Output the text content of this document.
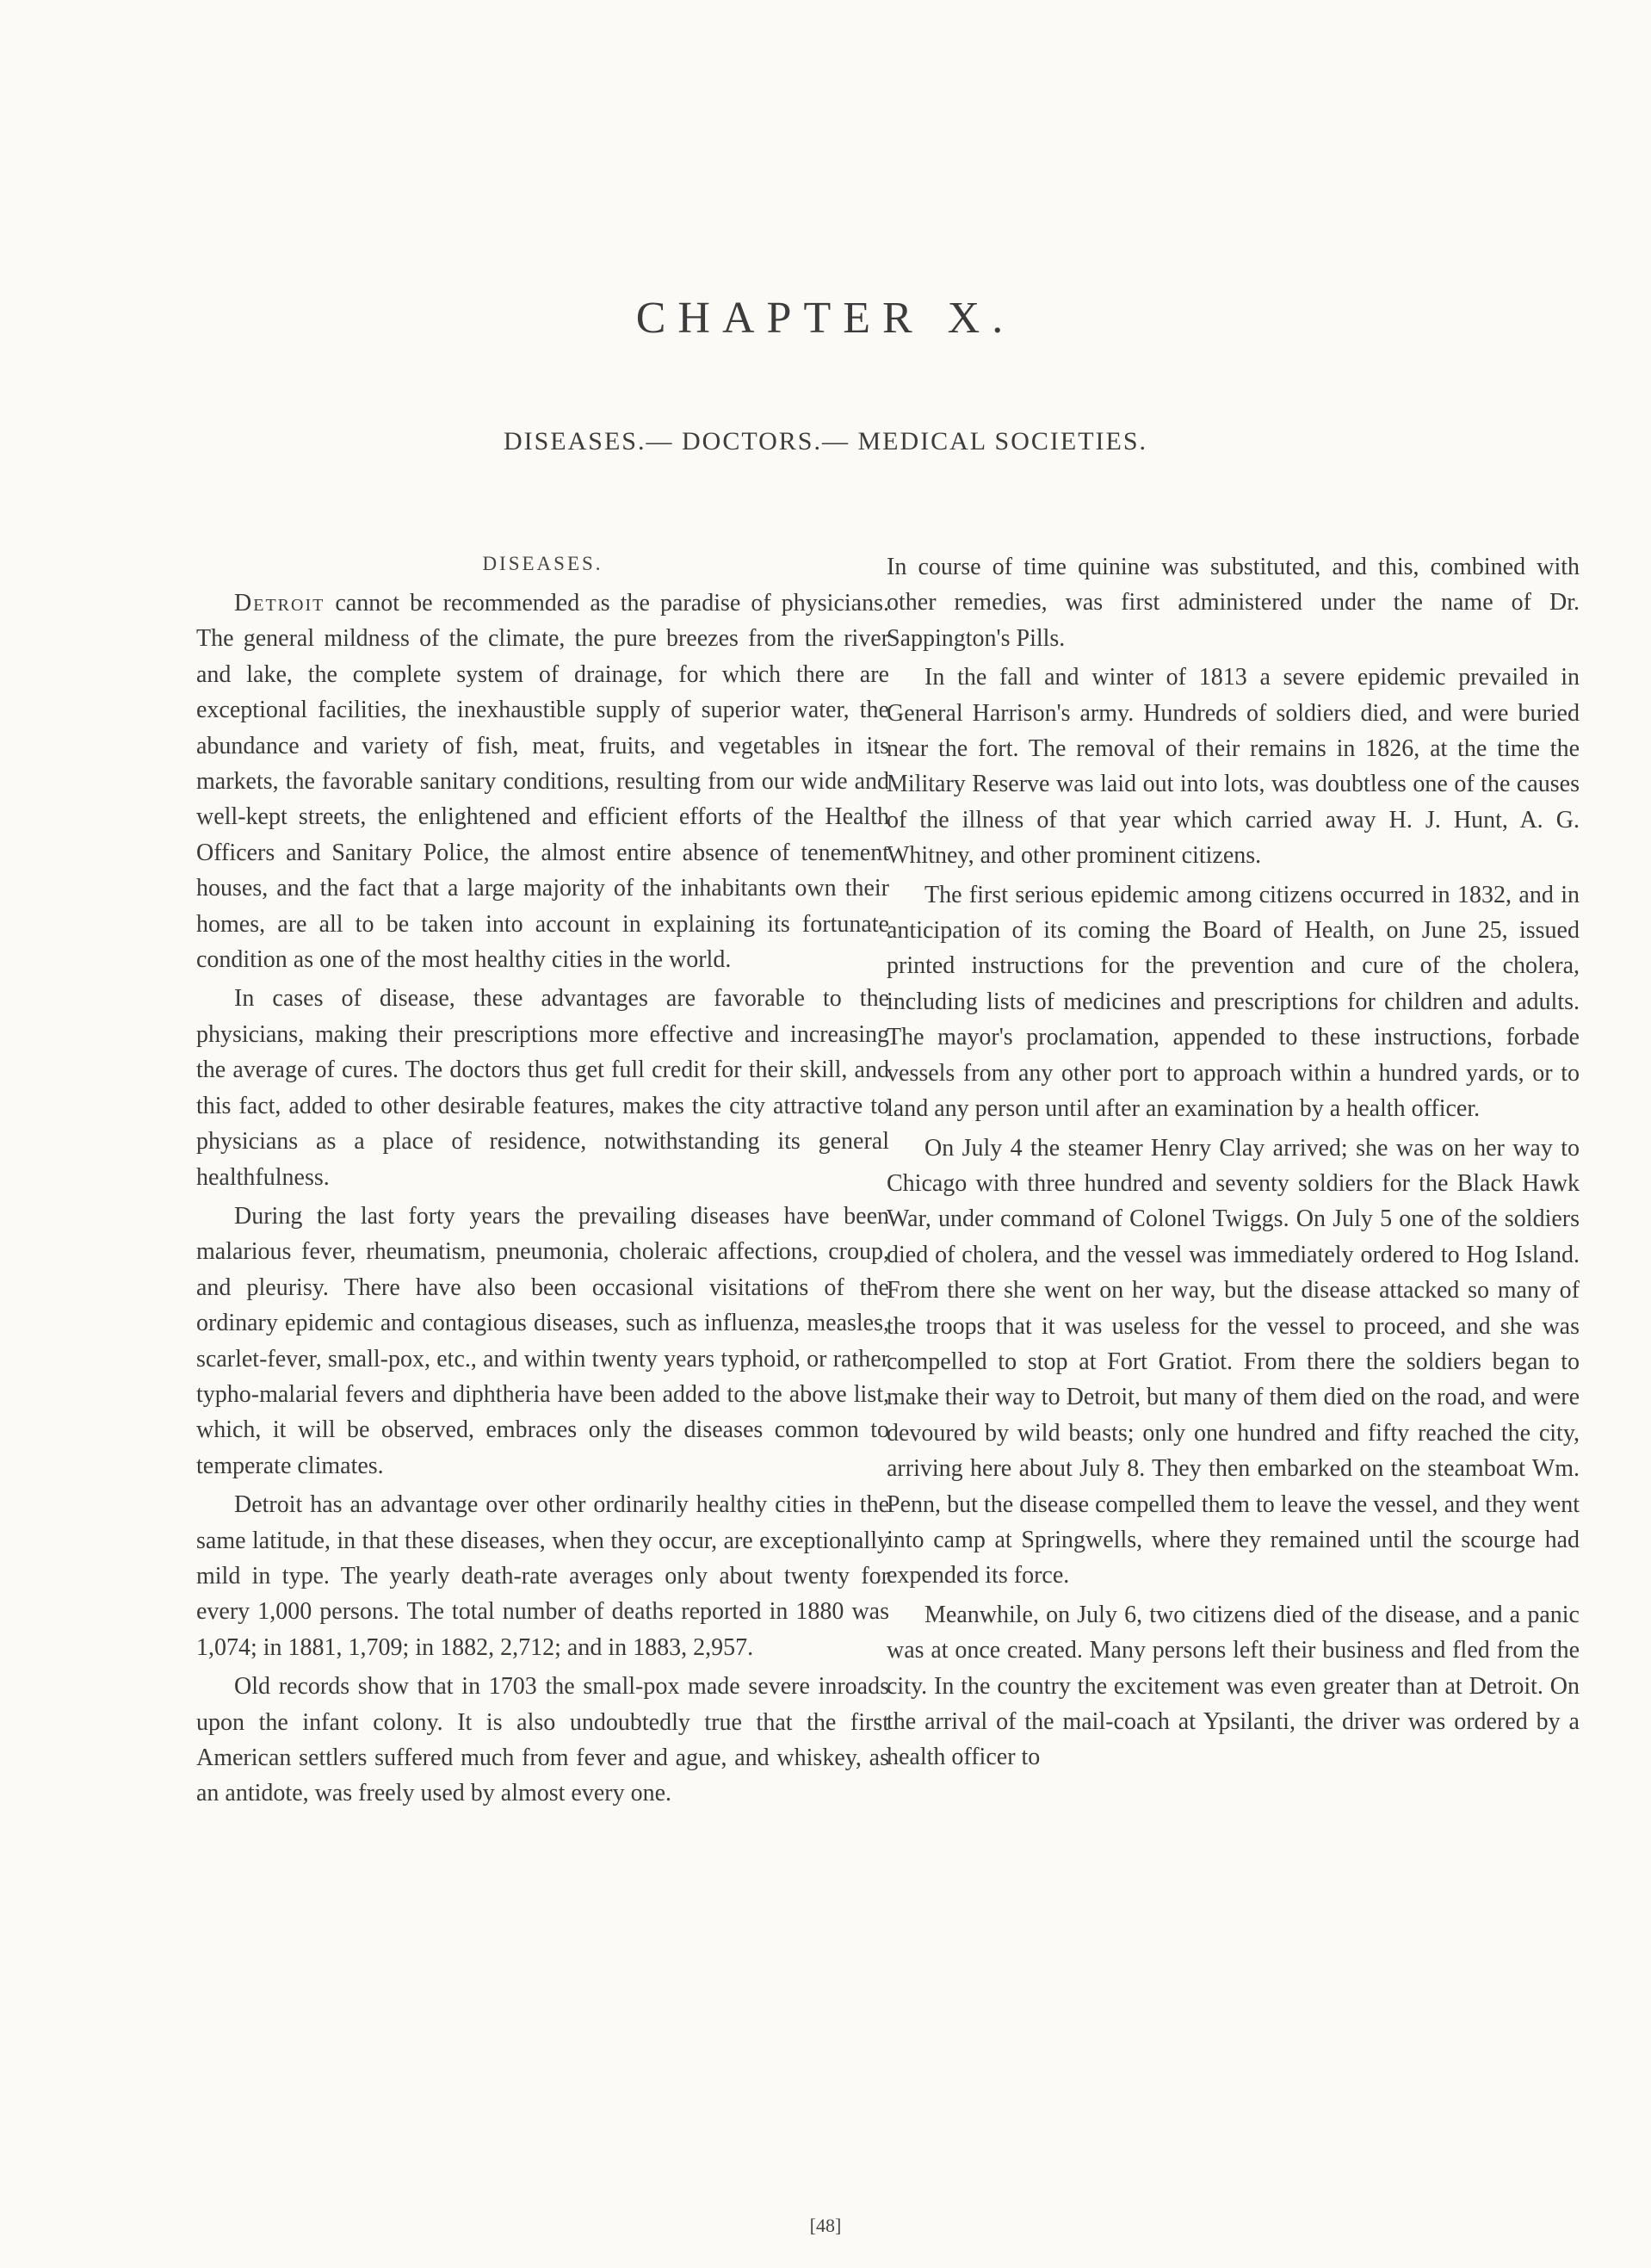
CHAPTER X.
DISEASES.— DOCTORS.— MEDICAL SOCIETIES.
DISEASES.

Detroit cannot be recommended as the paradise of physicians. The general mildness of the climate, the pure breezes from the river and lake, the complete system of drainage, for which there are exceptional facilities, the inexhaustible supply of superior water, the abundance and variety of fish, meat, fruits, and vegetables in its markets, the favorable sanitary conditions, resulting from our wide and well-kept streets, the enlightened and efficient efforts of the Health Officers and Sanitary Police, the almost entire absence of tenement houses, and the fact that a large majority of the inhabitants own their homes, are all to be taken into account in explaining its fortunate condition as one of the most healthy cities in the world.

In cases of disease, these advantages are favorable to the physicians, making their prescriptions more effective and increasing the average of cures. The doctors thus get full credit for their skill, and this fact, added to other desirable features, makes the city attractive to physicians as a place of residence, notwithstanding its general healthfulness.

During the last forty years the prevailing diseases have been malarious fever, rheumatism, pneumonia, choleraic affections, croup, and pleurisy. There have also been occasional visitations of the ordinary epidemic and contagious diseases, such as influenza, measles, scarlet-fever, small-pox, etc., and within twenty years typhoid, or rather typho-malarial fevers and diphtheria have been added to the above list, which, it will be observed, embraces only the diseases common to temperate climates.

Detroit has an advantage over other ordinarily healthy cities in the same latitude, in that these diseases, when they occur, are exceptionally mild in type. The yearly death-rate averages only about twenty for every 1,000 persons. The total number of deaths reported in 1880 was 1,074; in 1881, 1,709; in 1882, 2,712; and in 1883, 2,957.

Old records show that in 1703 the small-pox made severe inroads upon the infant colony. It is also undoubtedly true that the first American settlers suffered much from fever and ague, and whiskey, as an antidote, was freely used by almost every one.

In course of time quinine was substituted, and this, combined with other remedies, was first administered under the name of Dr. Sappington's Pills.

In the fall and winter of 1813 a severe epidemic prevailed in General Harrison's army. Hundreds of soldiers died, and were buried near the fort. The removal of their remains in 1826, at the time the Military Reserve was laid out into lots, was doubtless one of the causes of the illness of that year which carried away H. J. Hunt, A. G. Whitney, and other prominent citizens.

The first serious epidemic among citizens occurred in 1832, and in anticipation of its coming the Board of Health, on June 25, issued printed instructions for the prevention and cure of the cholera, including lists of medicines and prescriptions for children and adults. The mayor's proclamation, appended to these instructions, forbade vessels from any other port to approach within a hundred yards, or to land any person until after an examination by a health officer.

On July 4 the steamer Henry Clay arrived; she was on her way to Chicago with three hundred and seventy soldiers for the Black Hawk War, under command of Colonel Twiggs. On July 5 one of the soldiers died of cholera, and the vessel was immediately ordered to Hog Island. From there she went on her way, but the disease attacked so many of the troops that it was useless for the vessel to proceed, and she was compelled to stop at Fort Gratiot. From there the soldiers began to make their way to Detroit, but many of them died on the road, and were devoured by wild beasts; only one hundred and fifty reached the city, arriving here about July 8. They then embarked on the steamboat Wm. Penn, but the disease compelled them to leave the vessel, and they went into camp at Springwells, where they remained until the scourge had expended its force.

Meanwhile, on July 6, two citizens died of the disease, and a panic was at once created. Many persons left their business and fled from the city. In the country the excitement was even greater than at Detroit. On the arrival of the mail-coach at Ypsilanti, the driver was ordered by a health officer to

[48]
